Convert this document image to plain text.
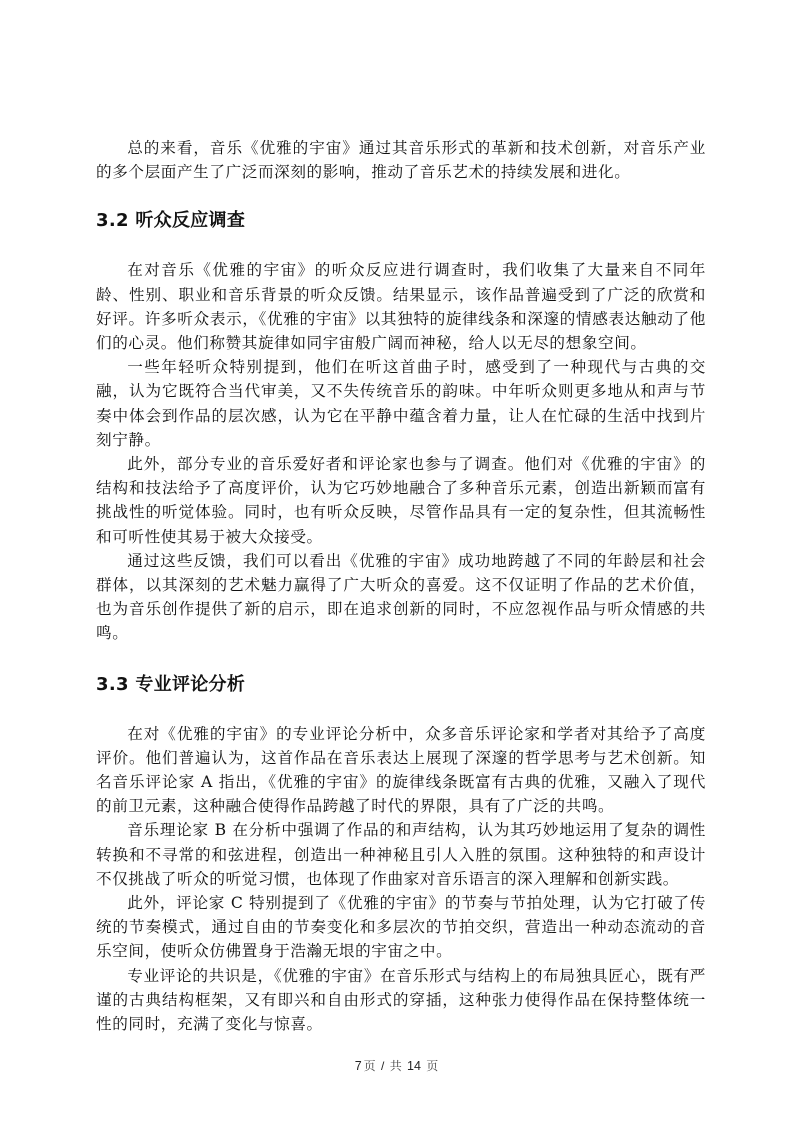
总的来看，音乐《优雅的宇宙》通过其音乐形式的革新和技术创新，对音乐产业的多个层面产生了广泛而深刻的影响，推动了音乐艺术的持续发展和进化。

3.2 听众反应调查

在对音乐《优雅的宇宙》的听众反应进行调查时，我们收集了大量来自不同年龄、性别、职业和音乐背景的听众反馈。结果显示，该作品普遍受到了广泛的欣赏和好评。许多听众表示，《优雅的宇宙》以其独特的旋律线条和深邃的情感表达触动了他们的心灵。他们称赞其旋律如同宇宙般广阔而神秘，给人以无尽的想象空间。

一些年轻听众特别提到，他们在听这首曲子时，感受到了一种现代与古典的交融，认为它既符合当代审美，又不失传统音乐的韵味。中年听众则更多地从和声与节奏中体会到作品的层次感，认为它在平静中蕴含着力量，让人在忙碌的生活中找到片刻宁静。

此外，部分专业的音乐爱好者和评论家也参与了调查。他们对《优雅的宇宙》的结构和技法给予了高度评价，认为它巧妙地融合了多种音乐元素，创造出新颖而富有挑战性的听觉体验。同时，也有听众反映，尽管作品具有一定的复杂性，但其流畅性和可听性使其易于被大众接受。

通过这些反馈，我们可以看出《优雅的宇宙》成功地跨越了不同的年龄层和社会群体，以其深刻的艺术魅力赢得了广大听众的喜爱。这不仅证明了作品的艺术价值，也为音乐创作提供了新的启示，即在追求创新的同时，不应忽视作品与听众情感的共鸣。

3.3 专业评论分析

在对《优雅的宇宙》的专业评论分析中，众多音乐评论家和学者对其给予了高度评价。他们普遍认为，这首作品在音乐表达上展现了深邃的哲学思考与艺术创新。知名音乐评论家 A 指出，《优雅的宇宙》的旋律线条既富有古典的优雅，又融入了现代的前卫元素，这种融合使得作品跨越了时代的界限，具有了广泛的共鸣。

音乐理论家 B 在分析中强调了作品的和声结构，认为其巧妙地运用了复杂的调性转换和不寻常的和弦进程，创造出一种神秘且引人入胜的氛围。这种独特的和声设计不仅挑战了听众的听觉习惯，也体现了作曲家对音乐语言的深入理解和创新实践。

此外，评论家 C 特别提到了《优雅的宇宙》的节奏与节拍处理，认为它打破了传统的节奏模式，通过自由的节奏变化和多层次的节拍交织，营造出一种动态流动的音乐空间，使听众仿佛置身于浩瀚无垠的宇宙之中。

专业评论的共识是，《优雅的宇宙》在音乐形式与结构上的布局独具匠心，既有严谨的古典结构框架，又有即兴和自由形式的穿插，这种张力使得作品在保持整体统一性的同时，充满了变化与惊喜。

7 页 / 共 14 页
